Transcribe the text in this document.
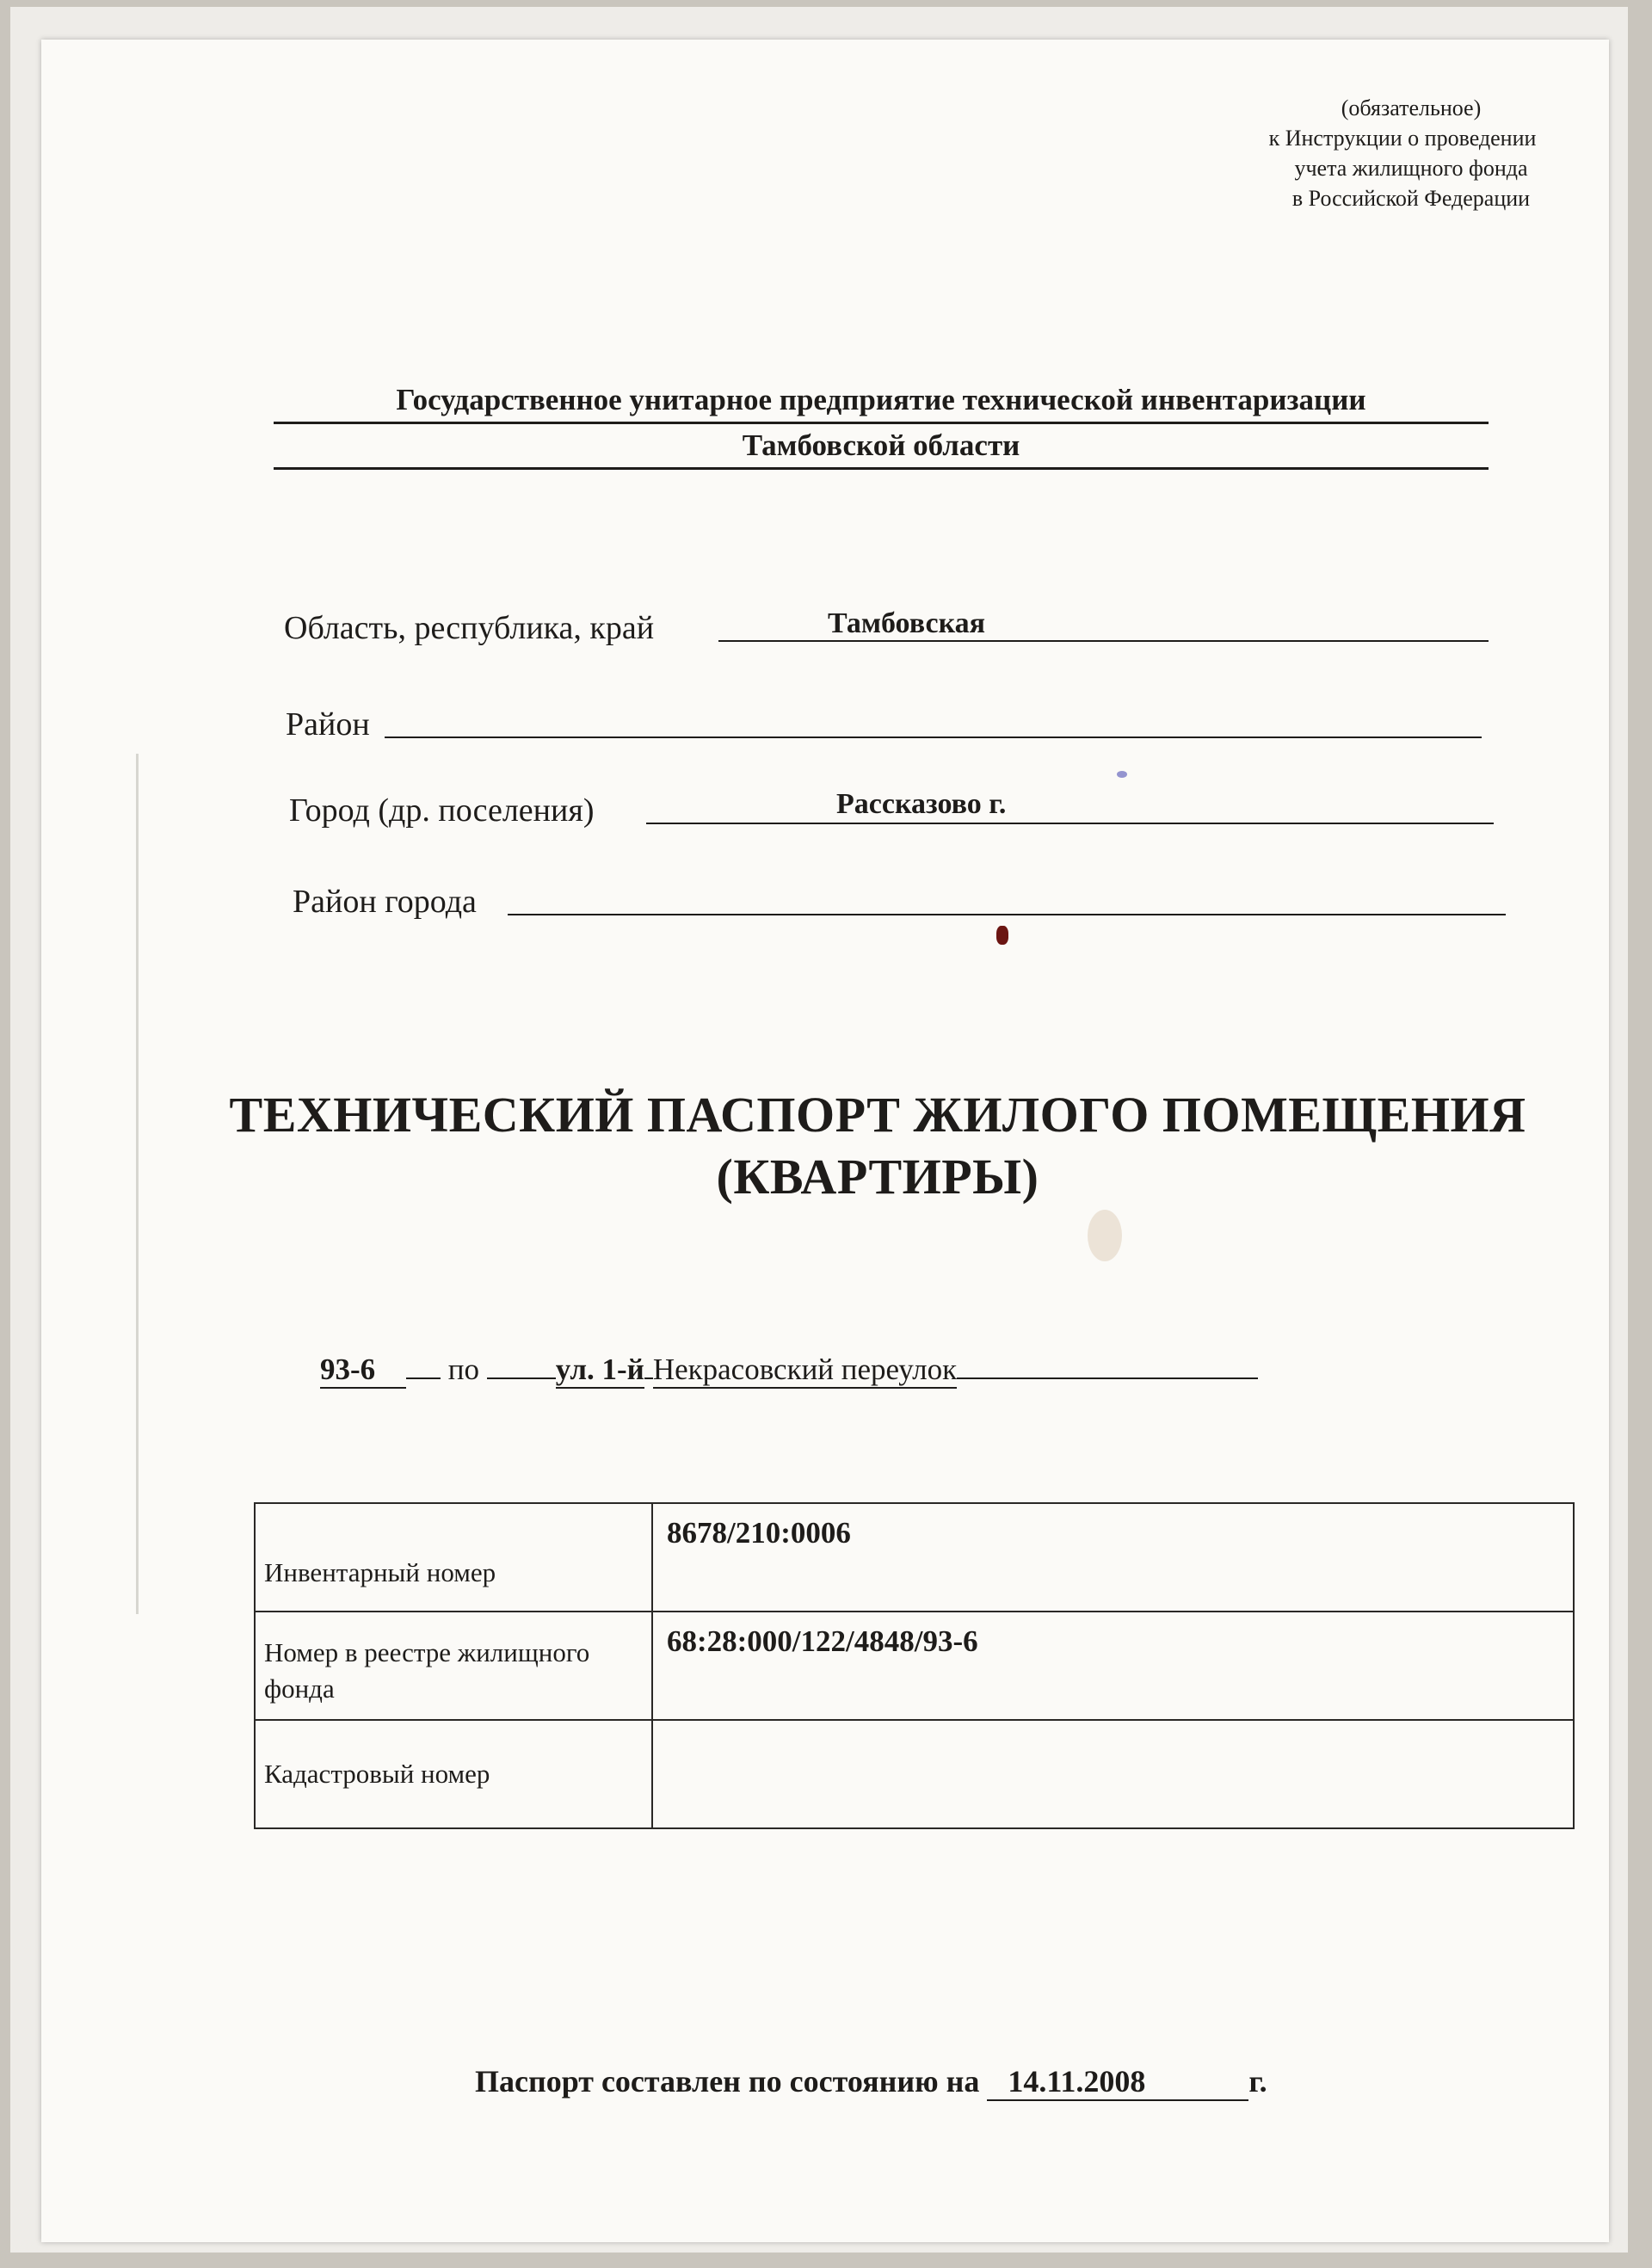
(обязательное)
к Инструкции о проведении
учета жилищного фонда
в Российской Федерации
Государственное унитарное предприятие технической инвентаризации
Тамбовской области
Область, республика, край	Тамбовская
Район
Город (др. поселения)	Рассказово г.
Район города
ТЕХНИЧЕСКИЙ ПАСПОРТ ЖИЛОГО ПОМЕЩЕНИЯ
(КВАРТИРЫ)
93-6 по	ул. 1-й Некрасовский переулок
Инвентарный номер	8678/210:0006
Номер в реестре жилищного фонда	68:28:000/122/4848/93-6
Кадастровый номер	
Паспорт составлен по состоянию на 14.11.2008	г.
